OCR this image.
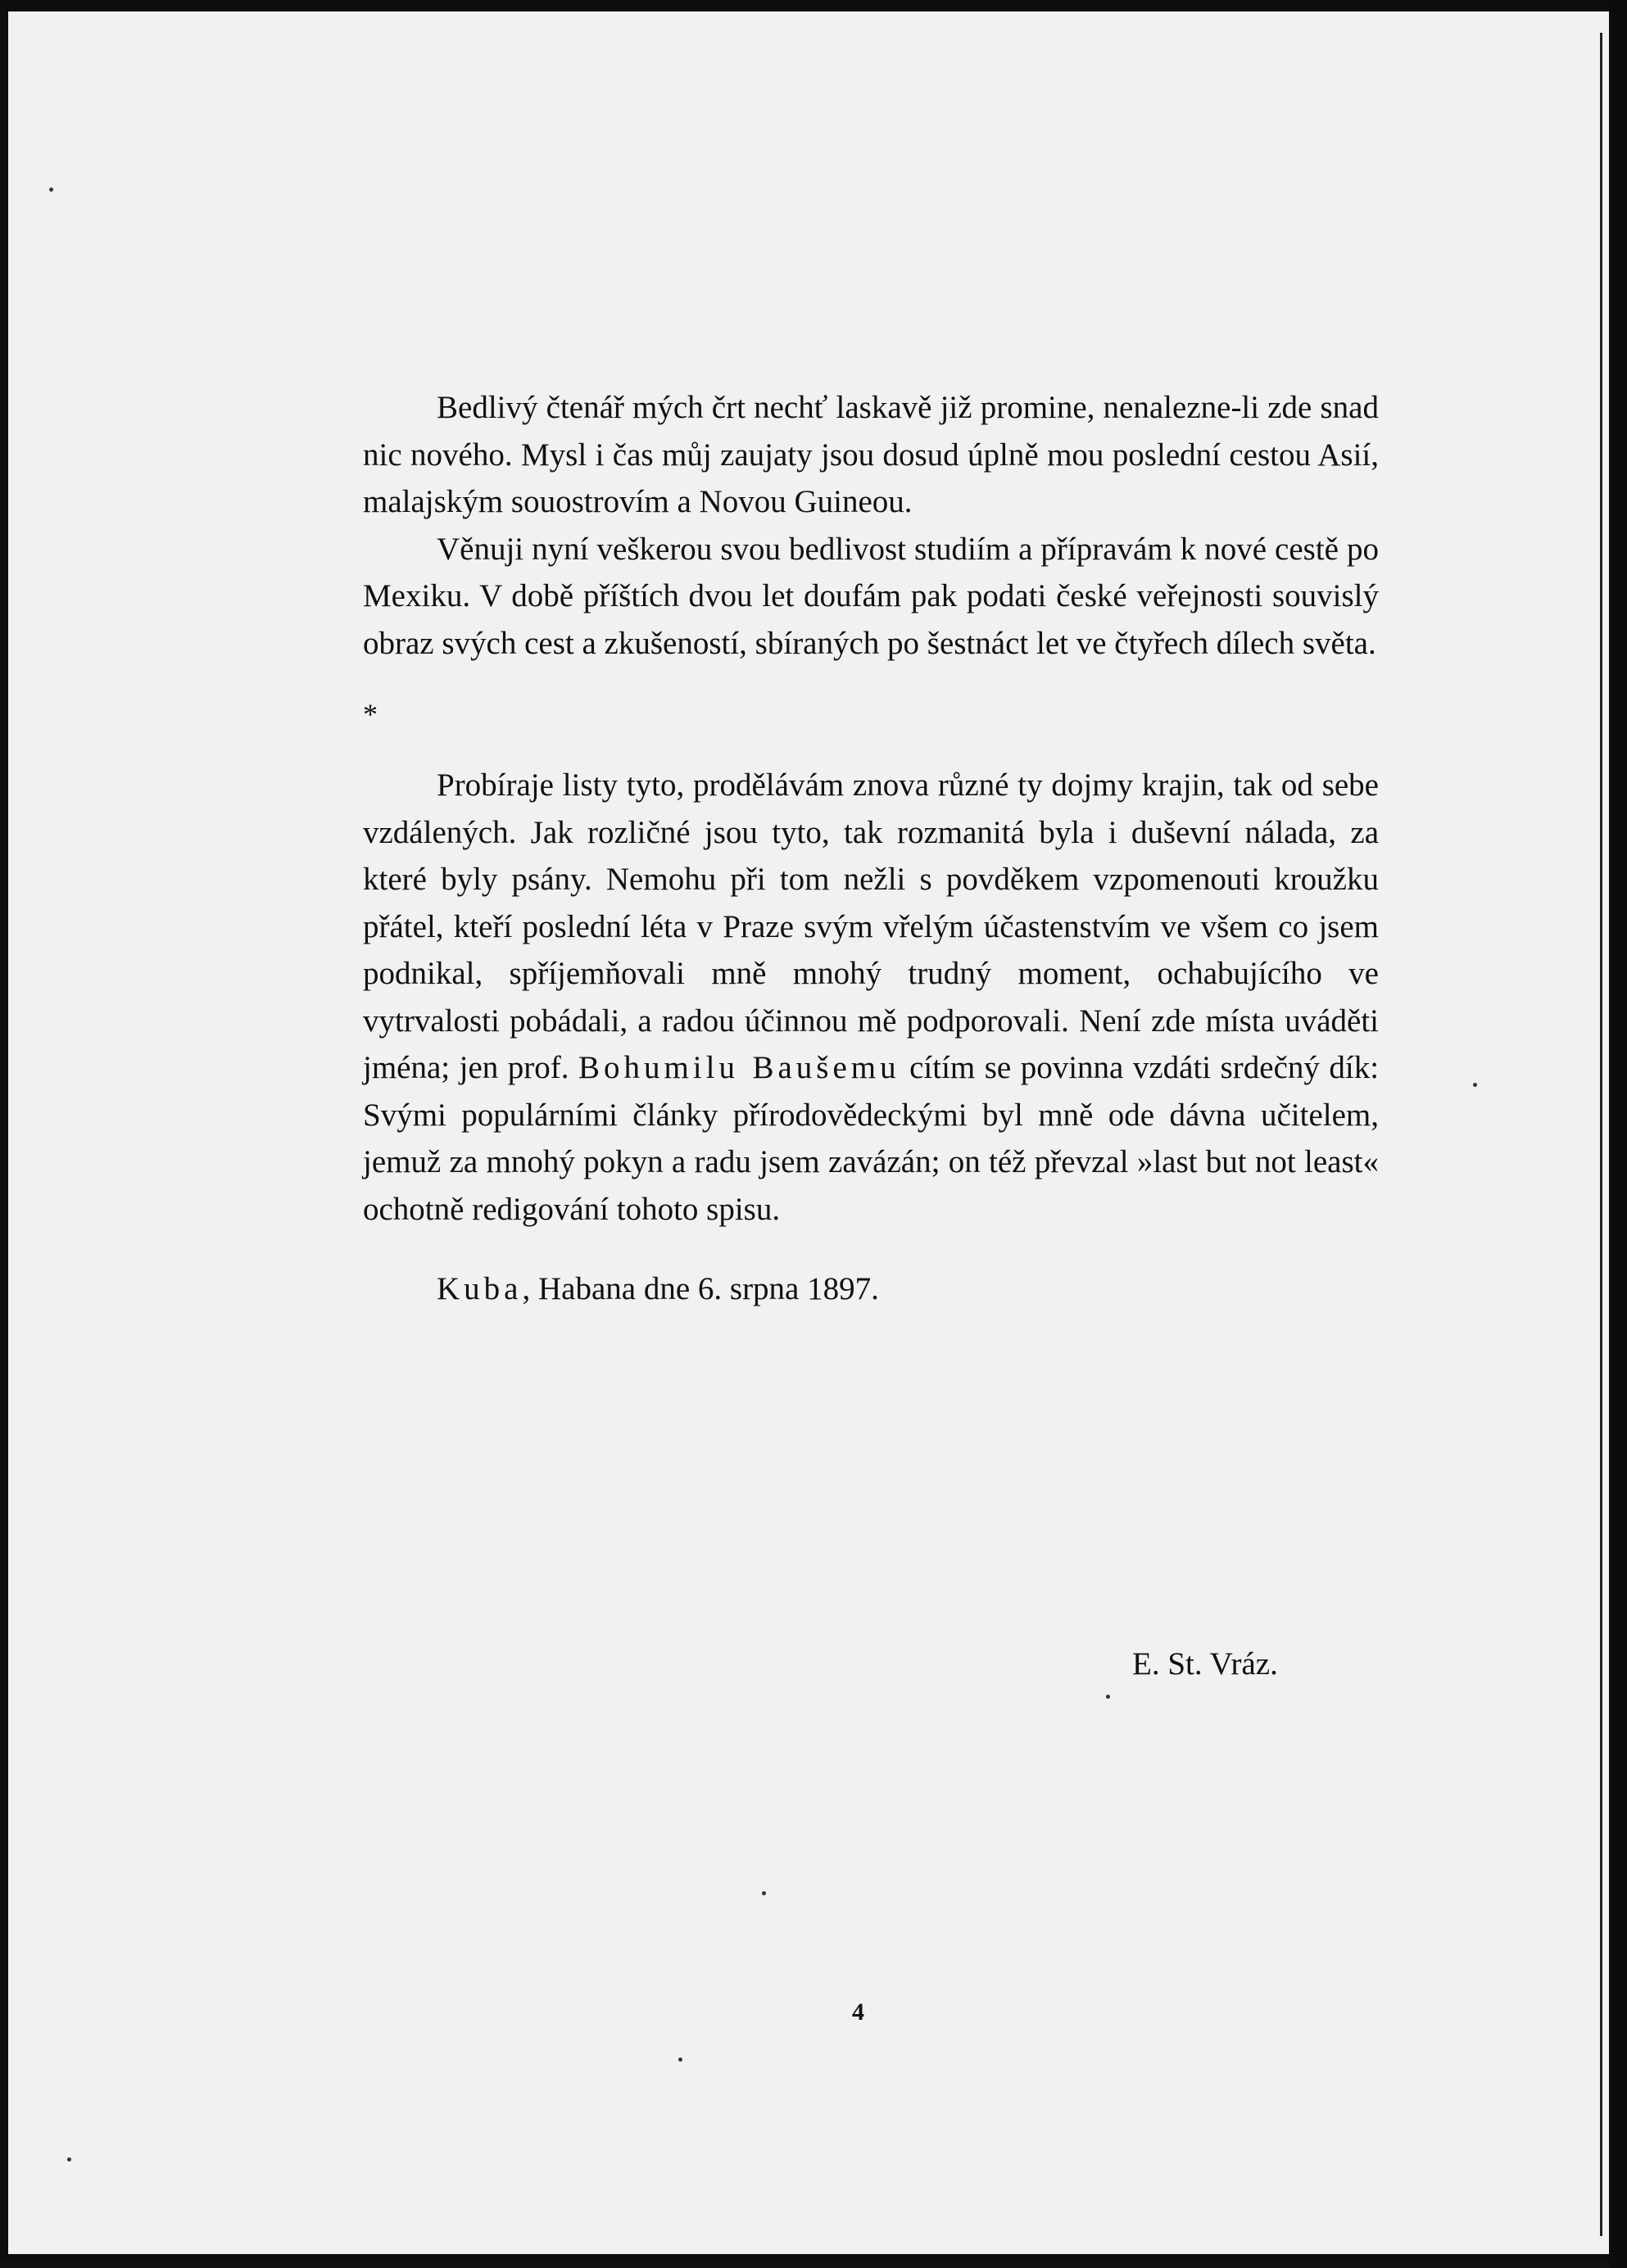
Bedlivý čtenář mých črt nechť laskavě již promine, nenalezne-li zde snad nic nového. Mysl i čas můj zaujaty jsou dosud úplně mou poslední cestou Asií, malajským souostrovím a Novou Guineou.

Věnuji nyní veškerou svou bedlivost studiím a přípravám k nové cestě po Mexiku. V době příštích dvou let doufám pak podati české veřejnosti souvislý obraz svých cest a zkušeností, sbíraných po šestnáct let ve čtyřech dílech světa.

*

Probíraje listy tyto, prodělávám znova různé ty dojmy krajin, tak od sebe vzdálených. Jak rozličné jsou tyto, tak rozmanitá byla i duševní nálada, za které byly psány. Nemohu při tom nežli s povděkem vzpomenouti kroužku přátel, kteří poslední léta v Praze svým vřelým účastenstvím ve všem co jsem podnikal, spříjemňovali mně mnohý trudný moment, ochabujícího ve vytrvalosti pobádali, a radou účinnou mě podporovali. Není zde místa uváděti jména; jen prof. Bohumilu Baušemu cítím se povinna vzdáti srdečný dík: Svými populárními články přírodovědeckými byl mně ode dávna učitelem, jemuž za mnohý pokyn a radu jsem zavázán; on též převzal »last but not least« ochotně redigování tohoto spisu.

Kuba, Habana dne 6. srpna 1897.

E. St. Vráz.
4
